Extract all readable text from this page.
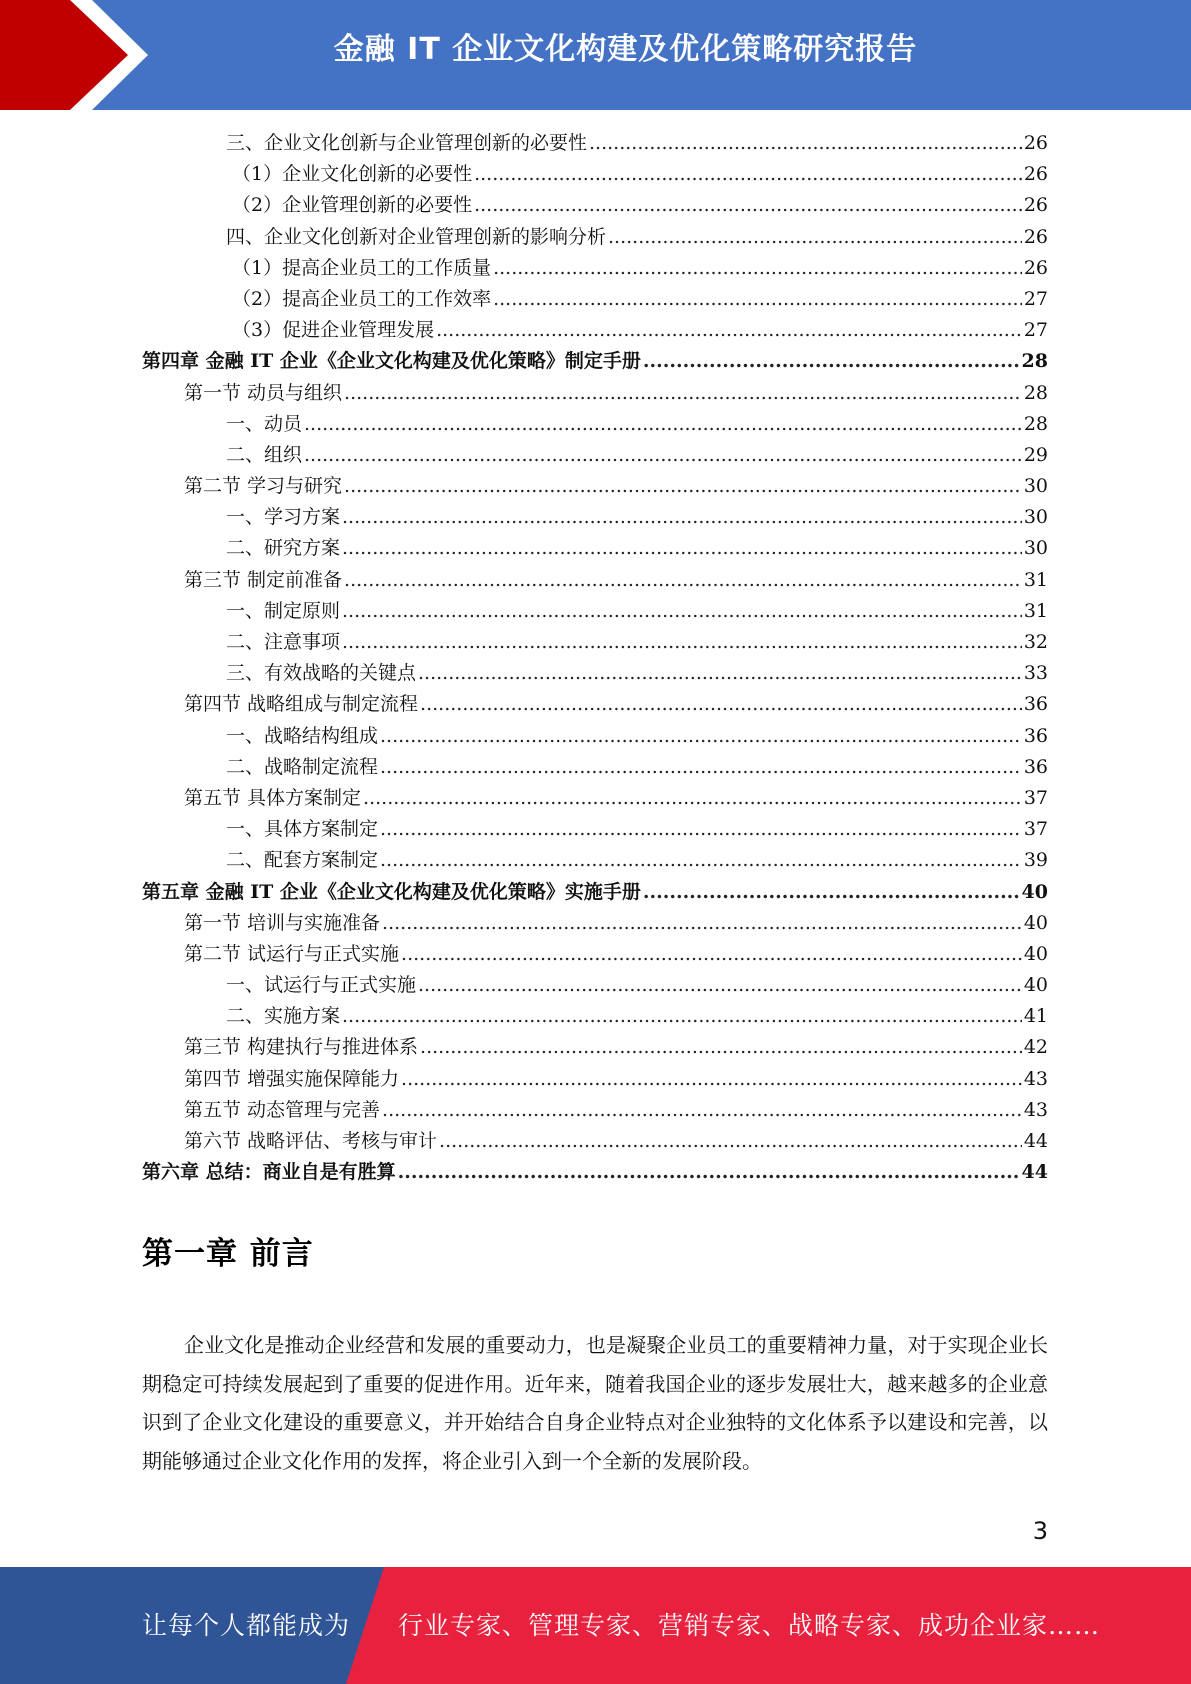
金融 IT 企业文化构建及优化策略研究报告
三、企业文化创新与企业管理创新的必要性 .....	26
（1）企业文化创新的必要性 .....	26
（2）企业管理创新的必要性 .....	26
四、企业文化创新对企业管理创新的影响分析 .....	26
（1）提高企业员工的工作质量 .....	26
（2）提高企业员工的工作效率 .....	27
（3）促进企业管理发展 .....	27
第四章 金融 IT 企业《企业文化构建及优化策略》制定手册 .....	28
第一节 动员与组织 .....	28
一、动员 .....	28
二、组织 .....	29
第二节 学习与研究 .....	30
一、学习方案 .....	30
二、研究方案 .....	30
第三节 制定前准备 .....	31
一、制定原则 .....	31
二、注意事项 .....	32
三、有效战略的关键点 .....	33
第四节 战略组成与制定流程 .....	36
一、战略结构组成 .....	36
二、战略制定流程 .....	36
第五节 具体方案制定 .....	37
一、具体方案制定 .....	37
二、配套方案制定 .....	39
第五章 金融 IT 企业《企业文化构建及优化策略》实施手册 .....	40
第一节 培训与实施准备 .....	40
第二节 试运行与正式实施 .....	40
一、试运行与正式实施 .....	40
二、实施方案 .....	41
第三节 构建执行与推进体系 .....	42
第四节 增强实施保障能力 .....	43
第五节 动态管理与完善 .....	43
第六节 战略评估、考核与审计 .....	44
第六章 总结：商业自是有胜算 .....	44
第一章 前言

企业文化是推动企业经营和发展的重要动力，也是凝聚企业员工的重要精神力量，对于实现企业长期稳定可持续发展起到了重要的促进作用。近年来，随着我国企业的逐步发展壮大，越来越多的企业意识到了企业文化建设的重要意义，并开始结合自身企业特点对企业独特的文化体系予以建设和完善，以期能够通过企业文化作用的发挥，将企业引入到一个全新的发展阶段。

3
让每个人都能成为 行业专家、管理专家、营销专家、战略专家、成功企业家……
